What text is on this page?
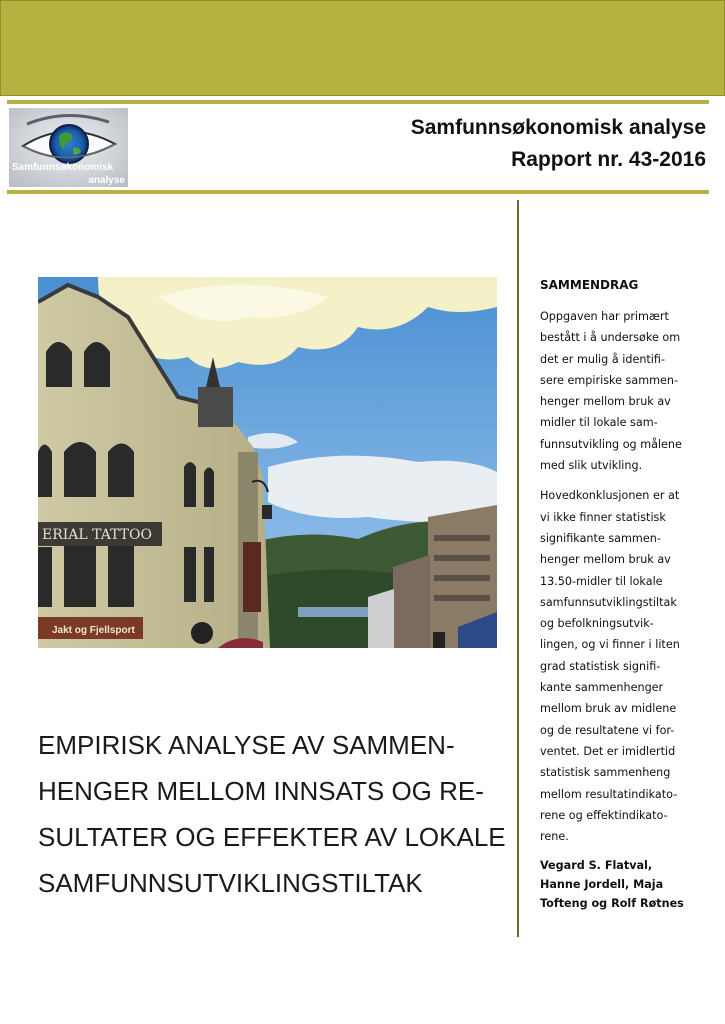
Samfunnsøkonomisk
analyse
Samfunnsøkonomisk analyse
Rapport nr. 43-2016
ERIAL TATTOO
Jakt og Fjellsport
EMPIRISK ANALYSE AV SAMMEN-
HENGER MELLOM INNSATS OG RE-
SULTATER OG EFFEKTER AV LOKALE
SAMFUNNSUTVIKLINGSTILTAK
SAMMENDRAG
Oppgaven har primært
bestått i å undersøke om
det er mulig å identifi-
sere empiriske sammen-
henger mellom bruk av
midler til lokale sam-
funnsutvikling og målene
med slik utvikling.
Hovedkonklusjonen er at
vi ikke finner statistisk
signifikante sammen-
henger mellom bruk av
13.50-midler til lokale
samfunnsutviklingstiltak
og befolkningsutvik-
lingen, og vi finner i liten
grad statistisk signifi-
kante sammenhenger
mellom bruk av midlene
og de resultatene vi for-
ventet. Det er imidlertid
statistisk sammenheng
mellom resultatindikato-
rene og effektindikato-
rene.
Vegard S. Flatval,
Hanne Jordell, Maja
Tofteng og Rolf Røtnes
